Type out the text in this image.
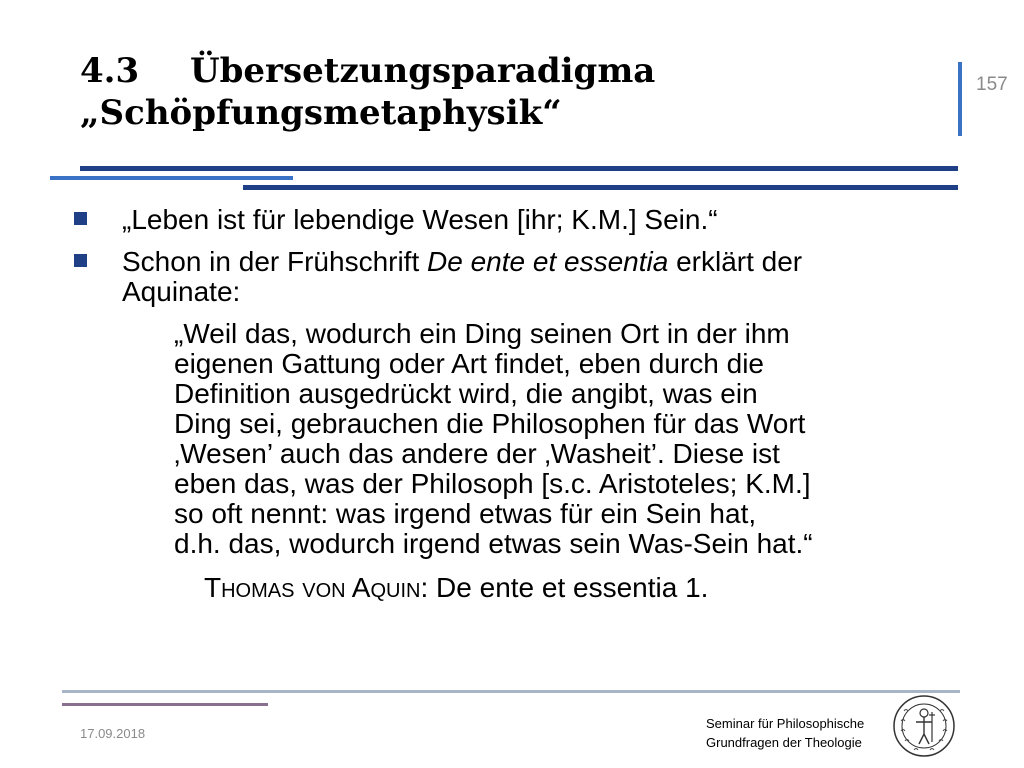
4.3 Übersetzungsparadigma
„Schöpfungsmetaphysik“
157
„Leben ist für lebendige Wesen [ihr; K.M.] Sein.“
Schon in der Frühschrift De ente et essentia erklärt der
Aquinate:
„Weil das, wodurch ein Ding seinen Ort in der ihm
eigenen Gattung oder Art findet, eben durch die
Definition ausgedrückt wird, die angibt, was ein
Ding sei, gebrauchen die Philosophen für das Wort
‚Wesen’ auch das andere der ‚Washeit’. Diese ist
eben das, was der Philosoph [s.c. Aristoteles; K.M.]
so oft nennt: was irgend etwas für ein Sein hat,
d.h. das, wodurch irgend etwas sein Was-Sein hat.“
Thomas von Aquin: De ente et essentia 1.
17.09.2018
Seminar für Philosophische
Grundfragen der Theologie
